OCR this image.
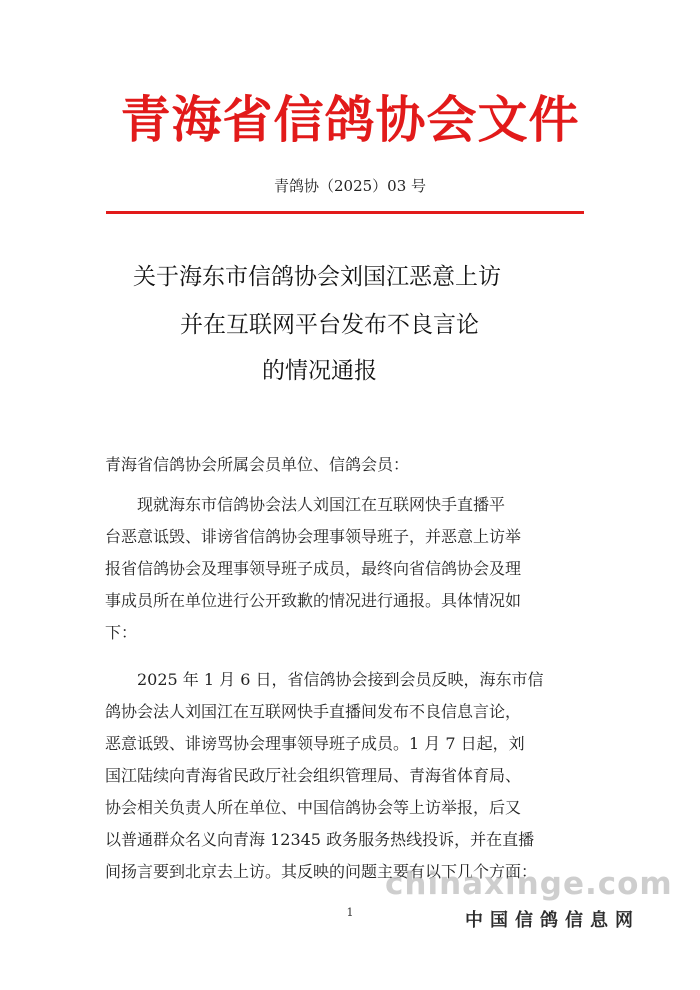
青海省信鸽协会文件
青鸽协（2025）03 号
关于海东市信鸽协会刘国江恶意上访
并在互联网平台发布不良言论
的情况通报
青海省信鸽协会所属会员单位、信鸽会员：
　　现就海东市信鸽协会法人刘国江在互联网快手直播平
台恶意诋毁、诽谤省信鸽协会理事领导班子，并恶意上访举
报省信鸽协会及理事领导班子成员，最终向省信鸽协会及理
事成员所在单位进行公开致歉的情况进行通报。具体情况如
下：
　　2025 年 1 月 6 日，省信鸽协会接到会员反映，海东市信
鸽协会法人刘国江在互联网快手直播间发布不良信息言论，
恶意诋毁、诽谤骂协会理事领导班子成员。1 月 7 日起，刘
国江陆续向青海省民政厅社会组织管理局、青海省体育局、
协会相关负责人所在单位、中国信鸽协会等上访举报，后又
以普通群众名义向青海 12345 政务服务热线投诉，并在直播
间扬言要到北京去上访。其反映的问题主要有以下几个方面：
1
chinaxinge.com
中国信鸽信息网
